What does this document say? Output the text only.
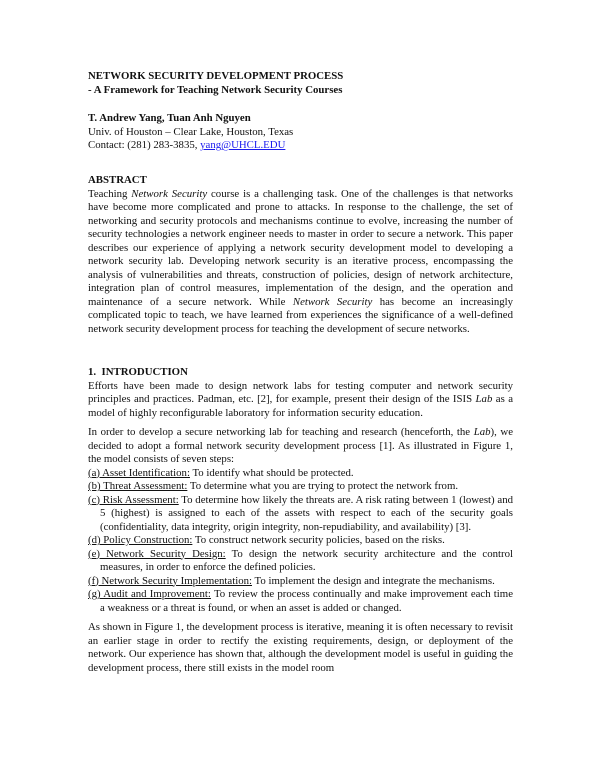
NETWORK SECURITY DEVELOPMENT PROCESS

- A Framework for Teaching Network Security Courses

T. Andrew Yang, Tuan Anh Nguyen

Univ. of Houston – Clear Lake, Houston, Texas

Contact: (281) 283-3835, yang@UHCL.EDU

ABSTRACT

Teaching Network Security course is a challenging task. One of the challenges is that networks have become more complicated and prone to attacks. In response to the challenge, the set of networking and security protocols and mechanisms continue to evolve, increasing the number of security technologies a network engineer needs to master in order to secure a network. This paper describes our experience of applying a network security development model to developing a network security lab. Developing network security is an iterative process, encompassing the analysis of vulnerabilities and threats, construction of policies, design of network architecture, integration plan of control measures, implementation of the design, and the operation and maintenance of a secure network. While Network Security has become an increasingly complicated topic to teach, we have learned from experiences the significance of a well-defined network security development process for teaching the development of secure networks.

1.  INTRODUCTION

Efforts have been made to design network labs for testing computer and network security principles and practices. Padman, etc. [2], for example, present their design of the ISIS Lab as a model of highly reconfigurable laboratory for information security education.

In order to develop a secure networking lab for teaching and research (henceforth, the Lab), we decided to adopt a formal network security development process [1]. As illustrated in Figure 1, the model consists of seven steps:

(a) Asset Identification: To identify what should be protected.

(b) Threat Assessment: To determine what you are trying to protect the network from.

(c) Risk Assessment: To determine how likely the threats are. A risk rating between 1 (lowest) and 5 (highest) is assigned to each of the assets with respect to each of the security goals (confidentiality, data integrity, origin integrity, non-repudiability, and availability) [3].

(d) Policy Construction: To construct network security policies, based on the risks.

(e) Network Security Design: To design the network security architecture and the control measures, in order to enforce the defined policies.

(f) Network Security Implementation: To implement the design and integrate the mechanisms.

(g) Audit and Improvement: To review the process continually and make improvement each time a weakness or a threat is found, or when an asset is added or changed.

As shown in Figure 1, the development process is iterative, meaning it is often necessary to revisit an earlier stage in order to rectify the existing requirements, design, or deployment of the network. Our experience has shown that, although the development model is useful in guiding the development process, there still exists in the model room
